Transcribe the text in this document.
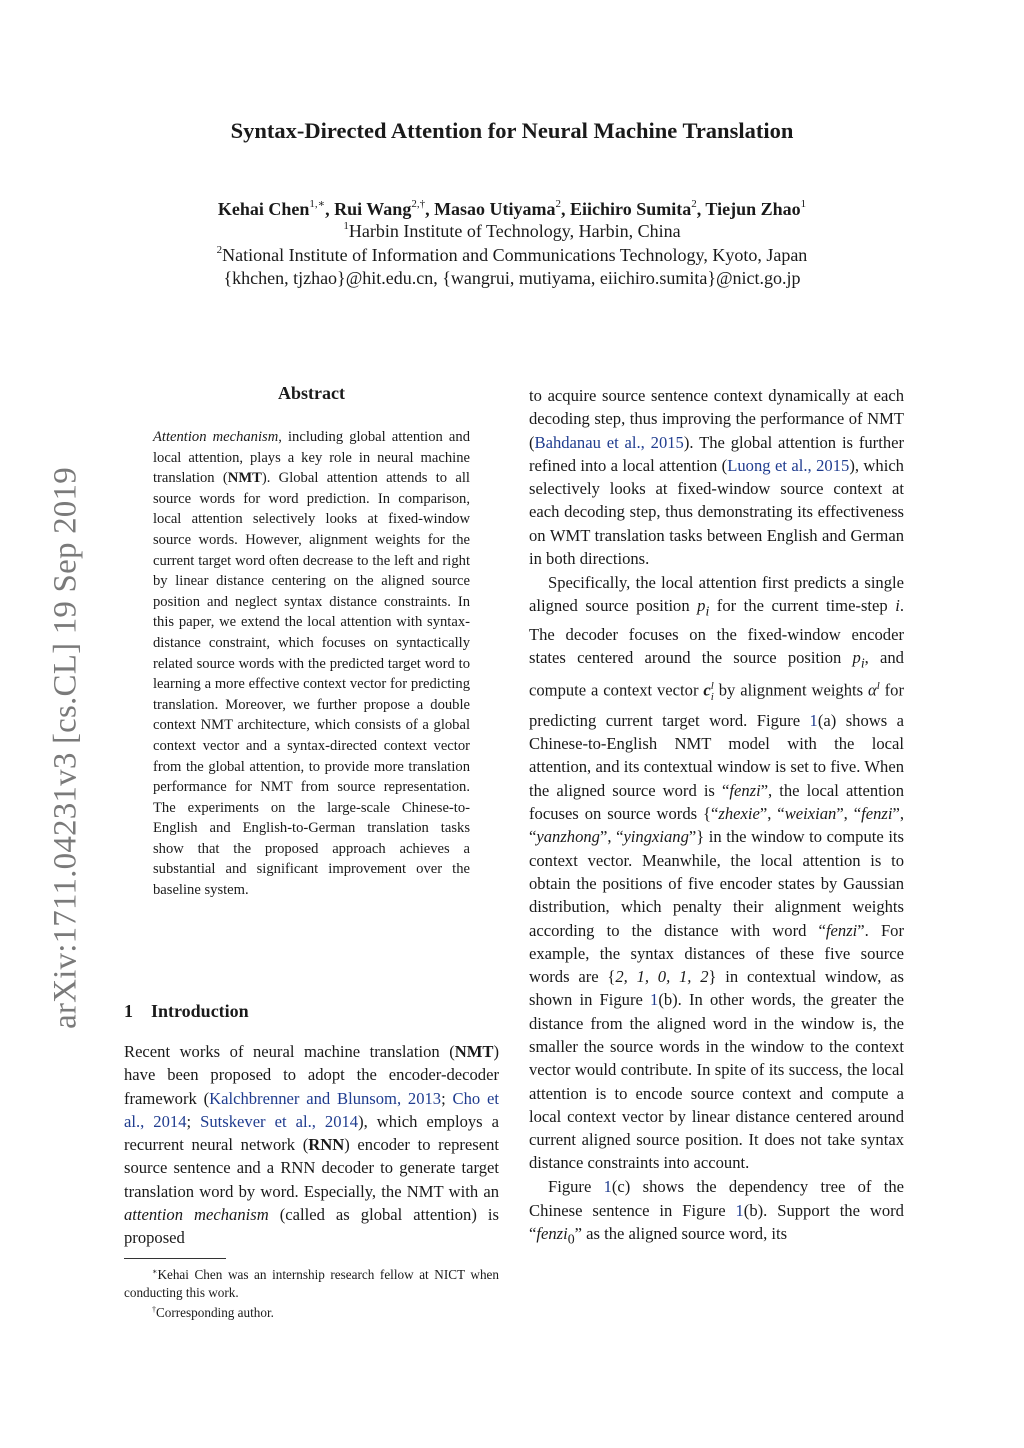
arXiv:1711.04231v3 [cs.CL] 19 Sep 2019
Syntax-Directed Attention for Neural Machine Translation
Kehai Chen$^{1,∗}$, Rui Wang$^{2,\dagger}$, Masao Utiyama$^2$, Eiichiro Sumita$^2$, Tiejun Zhao$^1$
$^1$Harbin Institute of Technology, Harbin, China
$^2$National Institute of Information and Communications Technology, Kyoto, Japan
{khchen, tjzhao}@hit.edu.cn, {wangrui, mutiyama, eiichiro.sumita}@nict.go.jp
Abstract
Attention mechanism, including global attention and local attention, plays a key role in neural machine translation (NMT). Global attention attends to all source words for word prediction. In comparison, local attention selectively looks at fixed-window source words. However, alignment weights for the current target word often decrease to the left and right by linear distance centering on the aligned source position and neglect syntax distance constraints. In this paper, we extend the local attention with syntax-distance constraint, which focuses on syntactically related source words with the predicted target word to learning a more effective context vector for predicting translation. Moreover, we further propose a double context NMT architecture, which consists of a global context vector and a syntax-directed context vector from the global attention, to provide more translation performance for NMT from source representation. The experiments on the large-scale Chinese-to-English and English-to-German translation tasks show that the proposed approach achieves a substantial and significant improvement over the baseline system.
1 Introduction

Recent works of neural machine translation (NMT) have been proposed to adopt the encoder-decoder framework (Kalchbrenner and Blunsom, 2013; Cho et al., 2014; Sutskever et al., 2014), which employs a recurrent neural network (RNN) encoder to represent source sentence and a RNN decoder to generate target translation word by word. Especially, the NMT with an attention mechanism (called as global attention) is proposed

∗Kehai Chen was an internship research fellow at NICT when conducting this work.

†Corresponding author.

to acquire source sentence context dynamically at each decoding step, thus improving the performance of NMT (Bahdanau et al., 2015). The global attention is further refined into a local attention (Luong et al., 2015), which selectively looks at fixed-window source context at each decoding step, thus demonstrating its effectiveness on WMT translation tasks between English and German in both directions.

Specifically, the local attention first predicts a single aligned source position $p_i$ for the current time-step i. The decoder focuses on the fixed-window encoder states centered around the source position $p_i$, and compute a context vector $c^l_i$ by alignment weights $\alpha^l$ for predicting current target word. Figure 1(a) shows a Chinese-to-English NMT model with the local attention, and its contextual window is set to five. When the aligned source word is “fenzi”, the local attention focuses on source words {“zhexie”, “weixian”, “fenzi”, “yanzhong”, “yingxiang”} in the window to compute its context vector. Meanwhile, the local attention is to obtain the positions of five encoder states by Gaussian distribution, which penalty their alignment weights according to the distance with word “fenzi”. For example, the syntax distances of these five source words are {2, 1, 0, 1, 2} in contextual window, as shown in Figure 1(b). In other words, the greater the distance from the aligned word in the window is, the smaller the source words in the window to the context vector would contribute. In spite of its success, the local attention is to encode source context and compute a local context vector by linear distance centered around current aligned source position. It does not take syntax distance constraints into account.

Figure 1(c) shows the dependency tree of the Chinese sentence in Figure 1(b). Support the word “fenzi$_0$” as the aligned source word, its
